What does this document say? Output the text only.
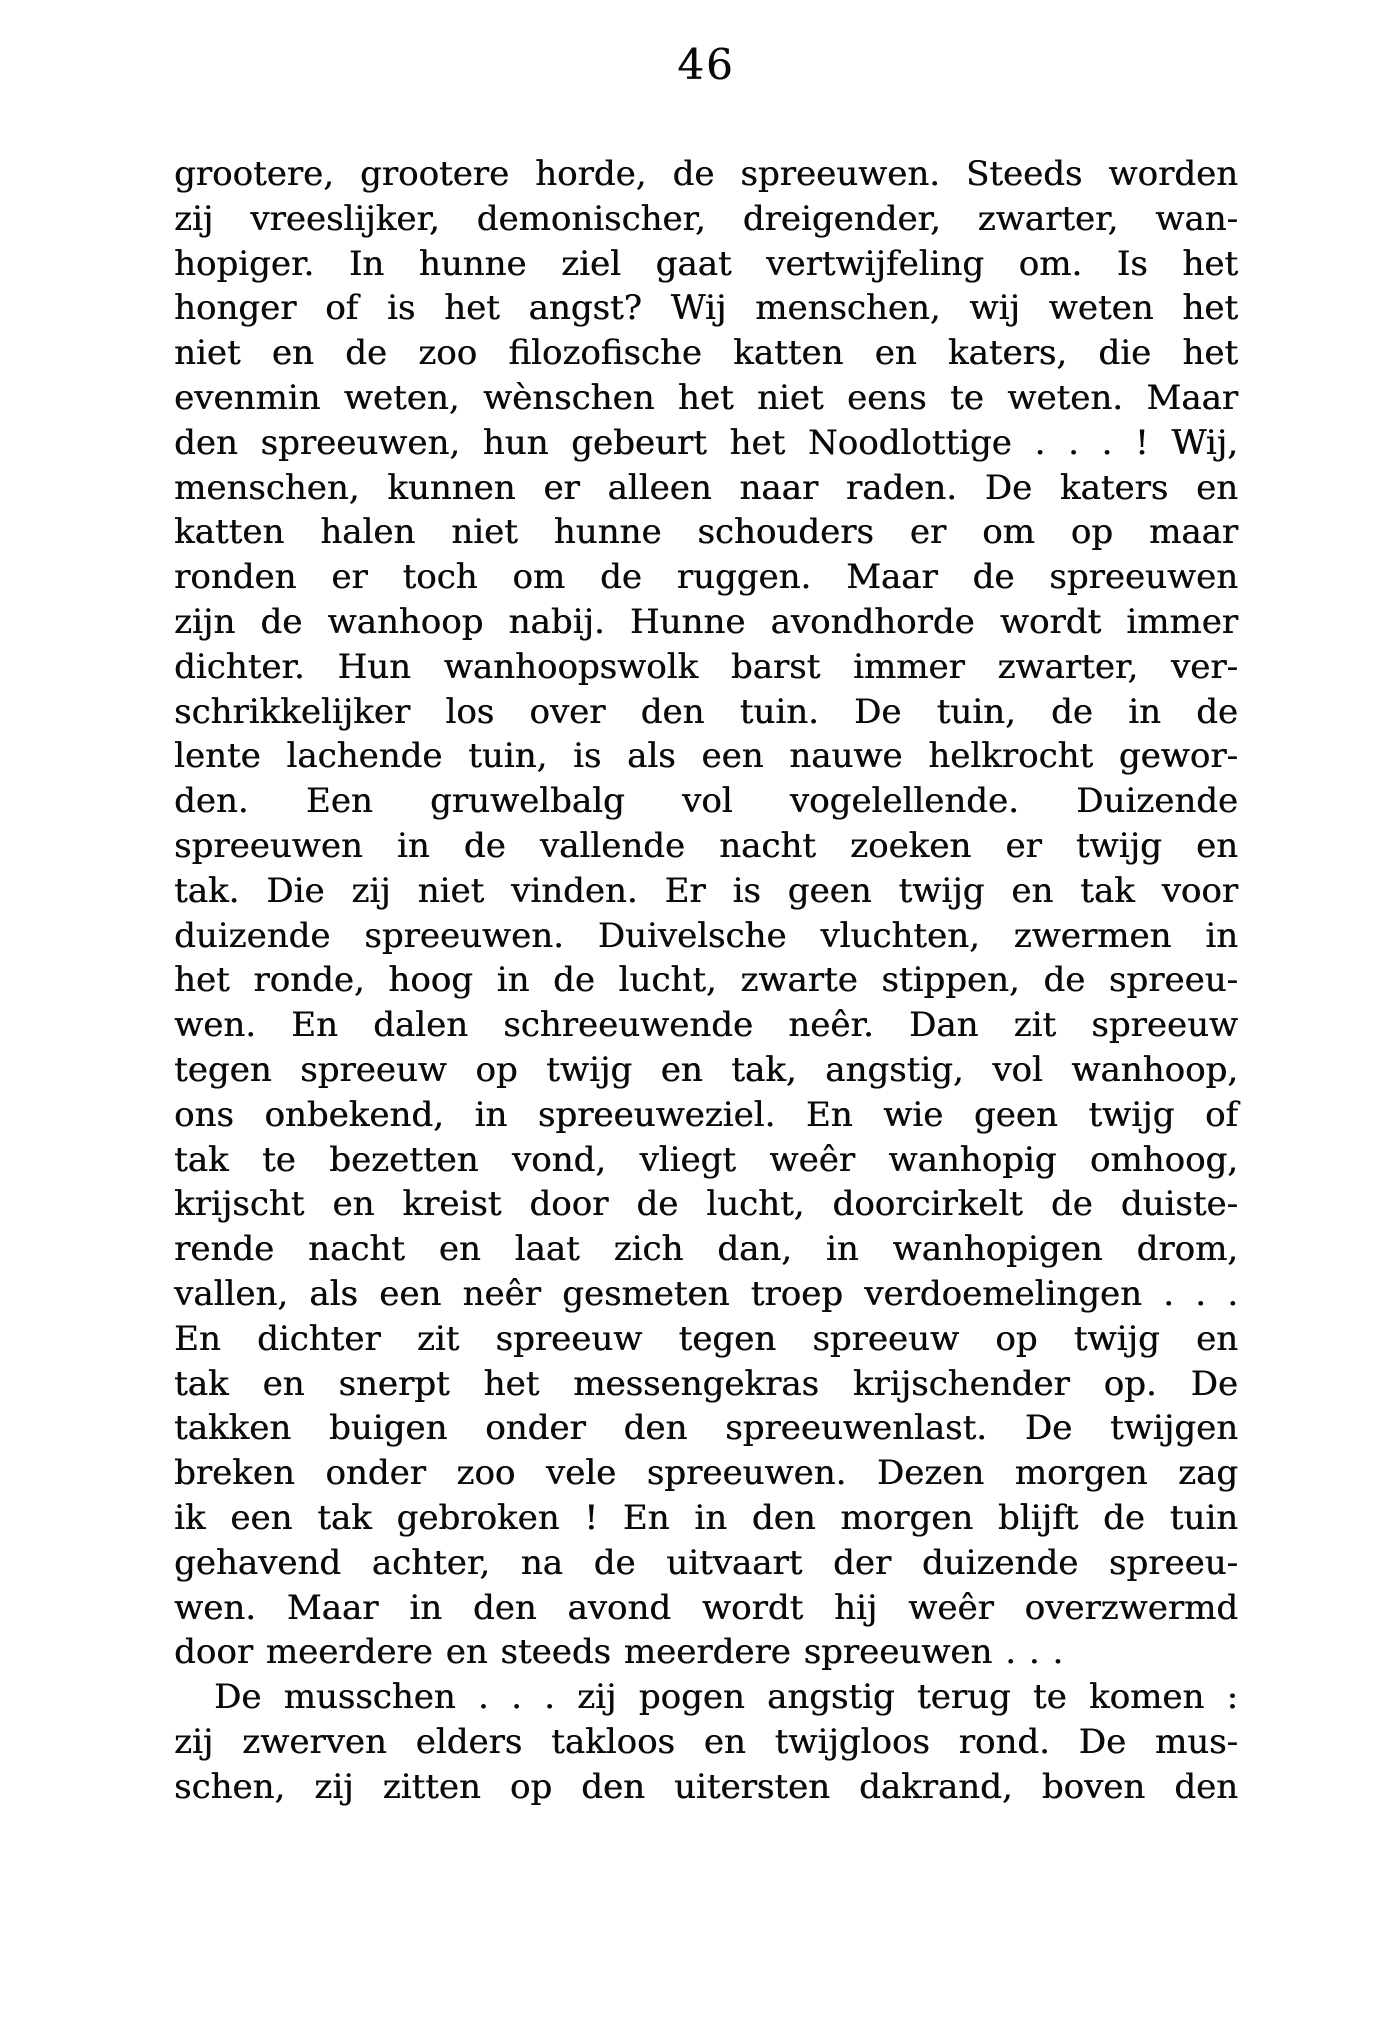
46
grootere, grootere horde, de spreeuwen. Steeds worden
zij vreeslijker, demonischer, dreigender, zwarter, wan-
hopiger. In hunne ziel gaat vertwijfeling om. Is het
honger of is het angst? Wij menschen, wij weten het
niet en de zoo filozofische katten en katers, die het
evenmin weten, wènschen het niet eens te weten. Maar
den spreeuwen, hun gebeurt het Noodlottige . . . ! Wij,
menschen, kunnen er alleen naar raden. De katers en
katten halen niet hunne schouders er om op maar
ronden er toch om de ruggen. Maar de spreeuwen
zijn de wanhoop nabij. Hunne avondhorde wordt immer
dichter. Hun wanhoopswolk barst immer zwarter, ver-
schrikkelijker los over den tuin. De tuin, de in de
lente lachende tuin, is als een nauwe helkrocht gewor-
den. Een gruwelbalg vol vogelellende. Duizende
spreeuwen in de vallende nacht zoeken er twijg en
tak. Die zij niet vinden. Er is geen twijg en tak voor
duizende spreeuwen. Duivelsche vluchten, zwermen in
het ronde, hoog in de lucht, zwarte stippen, de spreeu-
wen. En dalen schreeuwende neêr. Dan zit spreeuw
tegen spreeuw op twijg en tak, angstig, vol wanhoop,
ons onbekend, in spreeuweziel. En wie geen twijg of
tak te bezetten vond, vliegt weêr wanhopig omhoog,
krijscht en kreist door de lucht, doorcirkelt de duiste-
rende nacht en laat zich dan, in wanhopigen drom,
vallen, als een neêr gesmeten troep verdoemelingen . . .
En dichter zit spreeuw tegen spreeuw op twijg en
tak en snerpt het messengekras krijschender op. De
takken buigen onder den spreeuwenlast. De twijgen
breken onder zoo vele spreeuwen. Dezen morgen zag
ik een tak gebroken ! En in den morgen blijft de tuin
gehavend achter, na de uitvaart der duizende spreeu-
wen. Maar in den avond wordt hij weêr overzwermd
door meerdere en steeds meerdere spreeuwen . . .
De musschen . . . zij pogen angstig terug te komen :
zij zwerven elders takloos en twijgloos rond. De mus-
schen, zij zitten op den uitersten dakrand, boven den
